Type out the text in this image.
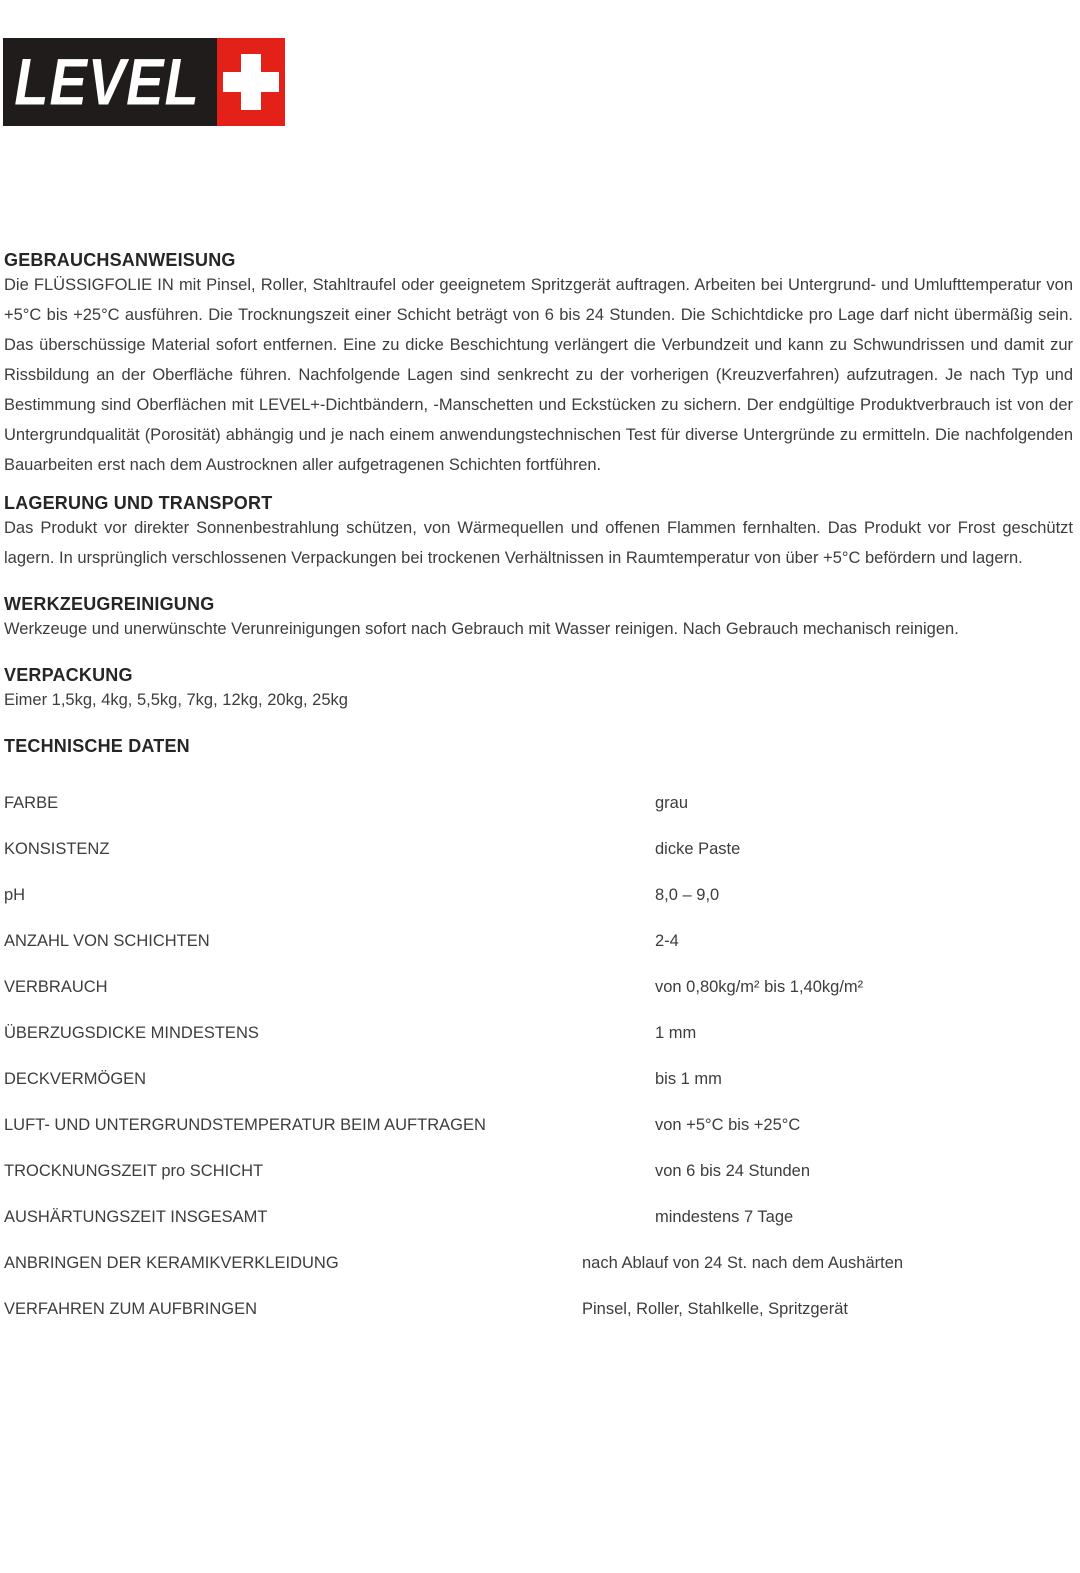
LEVEL
GEBRAUCHSANWEISUNG

Die FLÜSSIGFOLIE IN mit Pinsel, Roller, Stahltraufel oder geeignetem Spritzgerät auftragen. Arbeiten bei Untergrund- und Umlufttemperatur von +5°C bis +25°C ausführen. Die Trocknungszeit einer Schicht beträgt von 6 bis 24 Stunden. Die Schichtdicke pro Lage darf nicht übermäßig sein. Das überschüssige Material sofort entfernen. Eine zu dicke Beschichtung verlängert die Verbundzeit und kann zu Schwundrissen und damit zur Rissbildung an der Oberfläche führen. Nachfolgende Lagen sind senkrecht zu der vorherigen (Kreuzverfahren) aufzutragen. Je nach Typ und Bestimmung sind Oberflächen mit LEVEL+-Dichtbändern, -Manschetten und Eckstücken zu sichern. Der endgültige Produktverbrauch ist von der Untergrundqualität (Porosität) abhängig und je nach einem anwendungstechnischen Test für diverse Untergründe zu ermitteln. Die nachfolgenden Bauarbeiten erst nach dem Austrocknen aller aufgetragenen Schichten fortführen.

LAGERUNG UND TRANSPORT

Das Produkt vor direkter Sonnenbestrahlung schützen, von Wärmequellen und offenen Flammen fernhalten. Das Produkt vor Frost geschützt lagern. In ursprünglich verschlossenen Verpackungen bei trockenen Verhältnissen in Raumtemperatur von über +5°C befördern und lagern.

WERKZEUGREINIGUNG

Werkzeuge und unerwünschte Verunreinigungen sofort nach Gebrauch mit Wasser reinigen. Nach Gebrauch mechanisch reinigen.

VERPACKUNG

Eimer 1,5kg, 4kg, 5,5kg, 7kg, 12kg, 20kg, 25kg

TECHNISCHE DATEN
FARBE	grau
KONSISTENZ	dicke Paste
pH	8,0 – 9,0
ANZAHL VON SCHICHTEN	2-4
VERBRAUCH	von 0,80kg/m² bis 1,40kg/m²
ÜBERZUGSDICKE MINDESTENS	1 mm
DECKVERMÖGEN	bis 1 mm
LUFT- UND UNTERGRUNDSTEMPERATUR BEIM AUFTRAGEN	von +5°C bis +25°C
TROCKNUNGSZEIT pro SCHICHT	von 6 bis 24 Stunden
AUSHÄRTUNGSZEIT INSGESAMT	mindestens 7 Tage
ANBRINGEN DER KERAMIKVERKLEIDUNG	nach Ablauf von 24 St. nach dem Aushärten
VERFAHREN ZUM AUFBRINGEN	Pinsel, Roller, Stahlkelle, Spritzgerät
